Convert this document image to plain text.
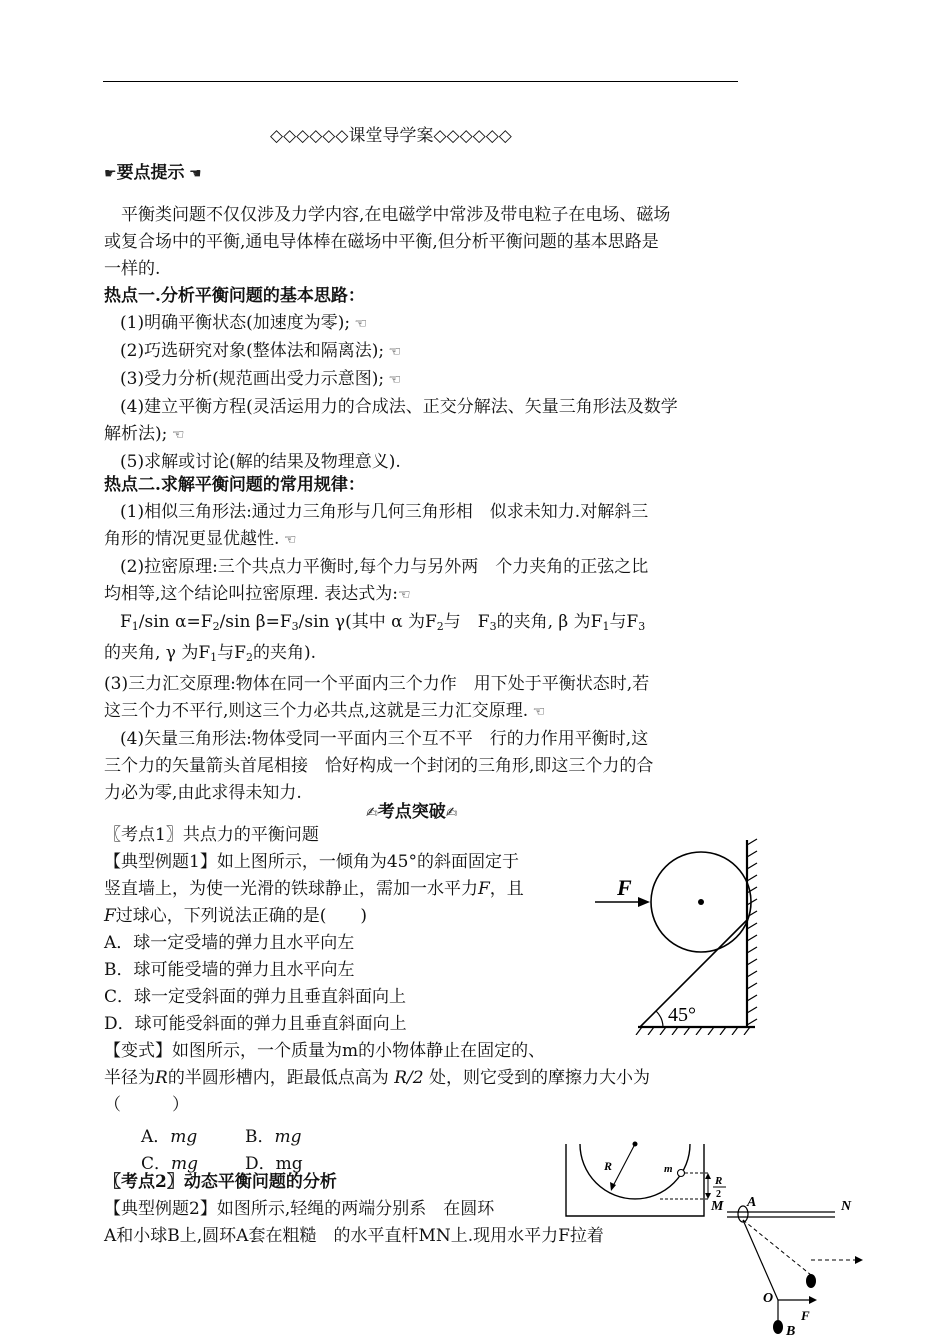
◇◇◇◇◇◇课堂导学案◇◇◇◇◇◇
☛要点提示 ☚
平衡类问题不仅仅涉及力学内容,在电磁学中常涉及带电粒子在电场、磁场
或复合场中的平衡,通电导体棒在磁场中平衡,但分析平衡问题的基本思路是
一样的.
热点一.分析平衡问题的基本思路：
(1)明确平衡状态(加速度为零); ☜
(2)巧选研究对象(整体法和隔离法); ☜
(3)受力分析(规范画出受力示意图); ☜
(4)建立平衡方程(灵活运用力的合成法、正交分解法、矢量三角形法及数学
解析法); ☜
(5)求解或讨论(解的结果及物理意义).
热点二.求解平衡问题的常用规律：
(1)相似三角形法:通过力三角形与几何三角形相　似求未知力.对解斜三
角形的情况更显优越性. ☜
(2)拉密原理:三个共点力平衡时,每个力与另外两　个力夹角的正弦之比
均相等,这个结论叫拉密原理. 表达式为:☜
$F_1/\sin$ $\alpha=F_2/\sin$ $\beta=F_3/\sin$ γ(其中 α 为$F_2$与　$F_3$的夹角, β 为$F_1$与$F_3$
的夹角, γ 为$F_1$与$F_2$的夹角).
(3)三力汇交原理:物体在同一个平面内三个力作　用下处于平衡状态时,若
这三个力不平行,则这三个力必共点,这就是三力汇交原理. ☜
(4)矢量三角形法:物体受同一平面内三个互不平　行的力作用平衡时,这
三个力的矢量箭头首尾相接　恰好构成一个封闭的三角形,即这三个力的合
力必为零,由此求得未知力.
✍考点突破✍
〖考点1〗共点力的平衡问题
【典型例题1】如上图所示，一倾角为45°的斜面固定于
竖直墙上，为使一光滑的铁球静止，需加一水平力F，且
F过球心，下列说法正确的是(　　)
A．球一定受墙的弹力且水平向左
B．球可能受墙的弹力且水平向左
C．球一定受斜面的弹力且垂直斜面向上
D．球可能受斜面的弹力且垂直斜面向上
【变式】如图所示，一个质量为m的小物体静止在固定的、
半径为R的半圆形槽内，距最低点高为 R/2 处，则它受到的摩擦力大小为
（　　　）
A．mg	B．mg
C．mg	D．mg
〖考点2〗动态平衡问题的分析
【典型例题2】如图所示,轻绳的两端分别系　在圆环
A和小球B上,圆环A套在粗糙　的水平直杆MN上.现用水平力F拉着
F
45°
R	m
R
2
M A	N
O
F
B
